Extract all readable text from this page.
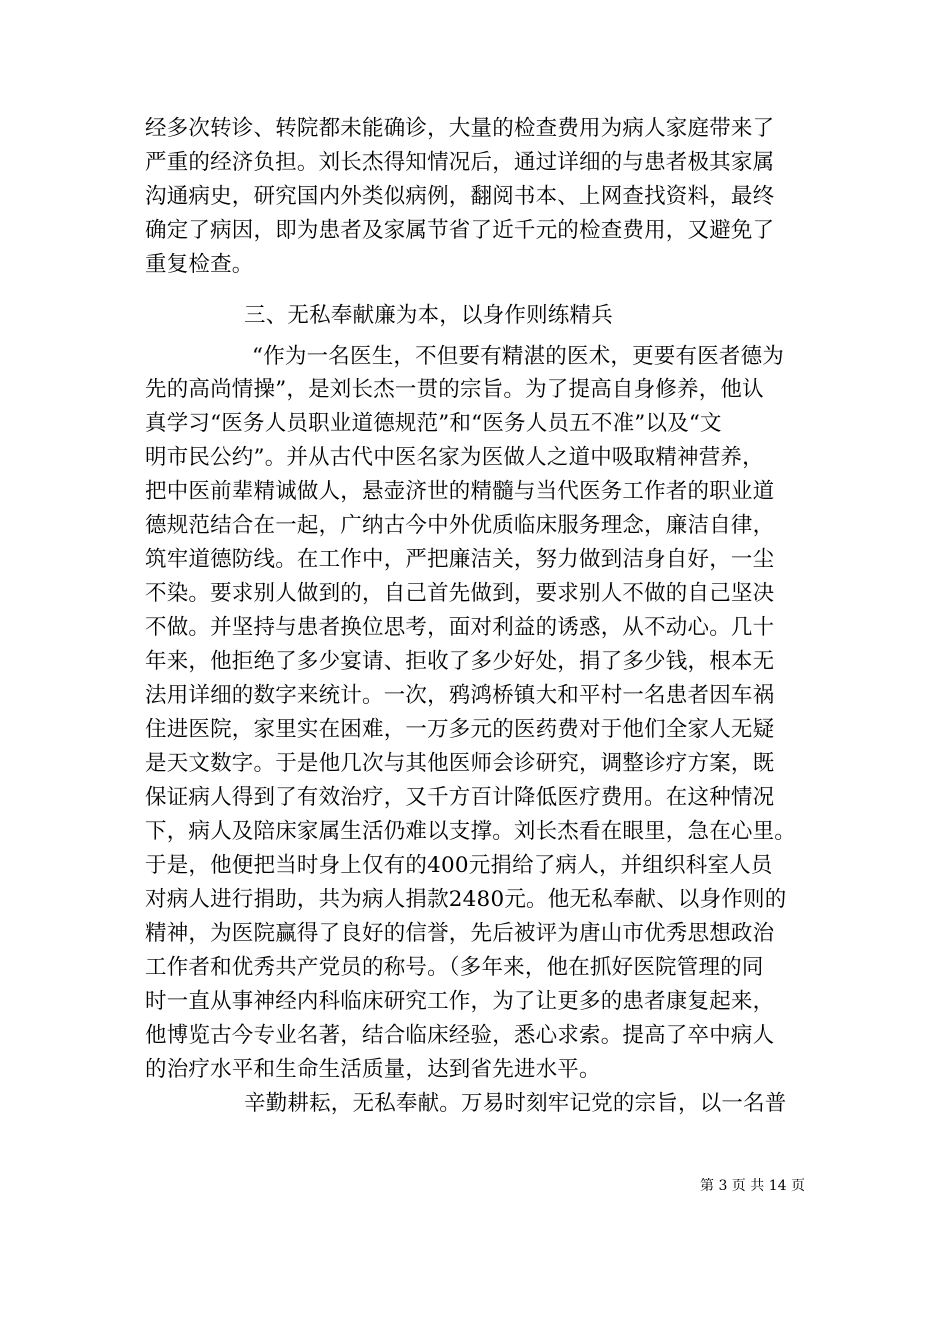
经多次转诊、转院都未能确诊，大量的检查费用为病人家庭带来了
严重的经济负担。刘长杰得知情况后，通过详细的与患者极其家属
沟通病史，研究国内外类似病例，翻阅书本、上网查找资料，最终
确定了病因，即为患者及家属节省了近千元的检查费用，又避免了
重复检查。
三、无私奉献廉为本，以身作则练精兵
“作为一名医生，不但要有精湛的医术，更要有医者德为
先的高尚情操”，是刘长杰一贯的宗旨。为了提高自身修养，他认
真学习“医务人员职业道德规范”和“医务人员五不准”以及“文
明市民公约”。并从古代中医名家为医做人之道中吸取精神营养，
把中医前辈精诚做人，悬壶济世的精髓与当代医务工作者的职业道
德规范结合在一起，广纳古今中外优质临床服务理念，廉洁自律，
筑牢道德防线。在工作中，严把廉洁关，努力做到洁身自好，一尘
不染。要求别人做到的，自己首先做到，要求别人不做的自己坚决
不做。并坚持与患者换位思考，面对利益的诱惑，从不动心。几十
年来，他拒绝了多少宴请、拒收了多少好处，捐了多少钱，根本无
法用详细的数字来统计。一次，鸦鸿桥镇大和平村一名患者因车祸
住进医院，家里实在困难，一万多元的医药费对于他们全家人无疑
是天文数字。于是他几次与其他医师会诊研究，调整诊疗方案，既
保证病人得到了有效治疗，又千方百计降低医疗费用。在这种情况
下，病人及陪床家属生活仍难以支撑。刘长杰看在眼里，急在心里。
于是，他便把当时身上仅有的400元捐给了病人，并组织科室人员
对病人进行捐助，共为病人捐款2480元。他无私奉献、以身作则的
精神，为医院赢得了良好的信誉，先后被评为唐山市优秀思想政治
工作者和优秀共产党员的称号。（多年来，他在抓好医院管理的同
时一直从事神经内科临床研究工作，为了让更多的患者康复起来，
他博览古今专业名著，结合临床经验，悉心求索。提高了卒中病人
的治疗水平和生命生活质量，达到省先进水平。
辛勤耕耘，无私奉献。万易时刻牢记党的宗旨，以一名普
第 3 页 共 14 页
